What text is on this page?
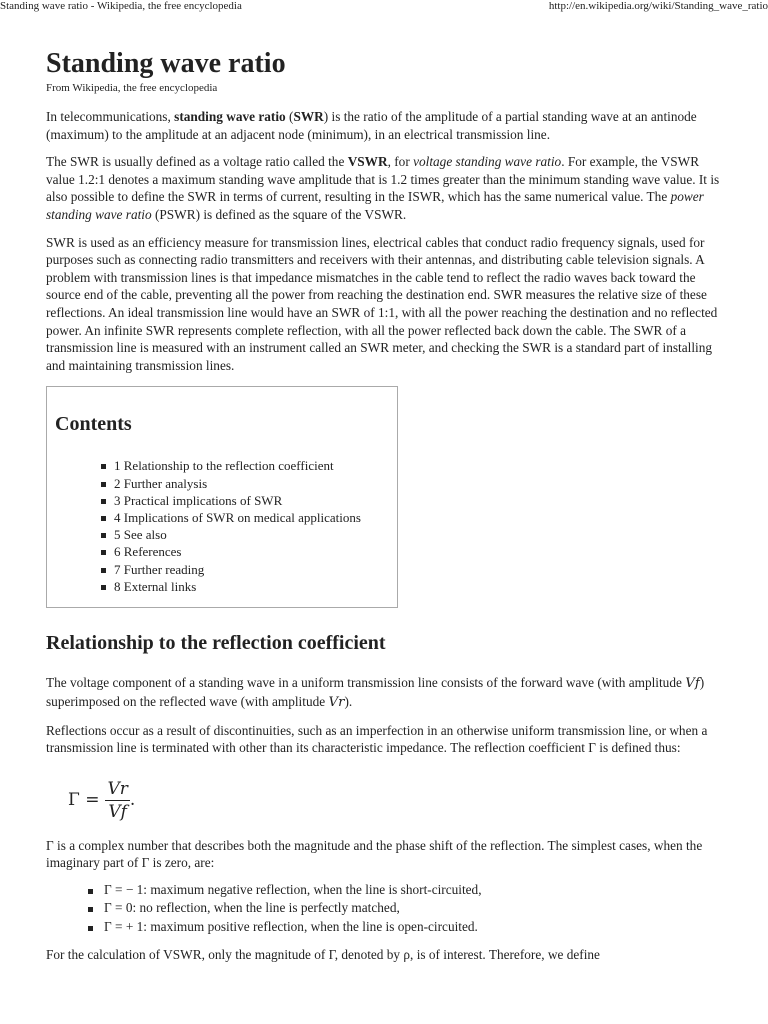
Standing wave ratio - Wikipedia, the free encyclopedia	http://en.wikipedia.org/wiki/Standing_wave_ratio
Standing wave ratio
From Wikipedia, the free encyclopedia

In telecommunications, standing wave ratio (SWR) is the ratio of the amplitude of a partial standing wave at an antinode (maximum) to the amplitude at an adjacent node (minimum), in an electrical transmission line.

The SWR is usually defined as a voltage ratio called the VSWR, for voltage standing wave ratio. For example, the VSWR value 1.2:1 denotes a maximum standing wave amplitude that is 1.2 times greater than the minimum standing wave value. It is also possible to define the SWR in terms of current, resulting in the ISWR, which has the same numerical value. The power standing wave ratio (PSWR) is defined as the square of the VSWR.

SWR is used as an efficiency measure for transmission lines, electrical cables that conduct radio frequency signals, used for purposes such as connecting radio transmitters and receivers with their antennas, and distributing cable television signals. A problem with transmission lines is that impedance mismatches in the cable tend to reflect the radio waves back toward the source end of the cable, preventing all the power from reaching the destination end. SWR measures the relative size of these reflections. An ideal transmission line would have an SWR of 1:1, with all the power reaching the destination and no reflected power. An infinite SWR represents complete reflection, with all the power reflected back down the cable. The SWR of a transmission line is measured with an instrument called an SWR meter, and checking the SWR is a standard part of installing and maintaining transmission lines.

Contents
1 Relationship to the reflection coefficient
2 Further analysis
3 Practical implications of SWR
4 Implications of SWR on medical applications
5 See also
6 References
7 Further reading
8 External links
Relationship to the reflection coefficient

The voltage component of a standing wave in a uniform transmission line consists of the forward wave (with amplitude Vf) superimposed on the reflected wave (with amplitude Vr).

Reflections occur as a result of discontinuities, such as an imperfection in an otherwise uniform transmission line, or when a transmission line is terminated with other than its characteristic impedance. The reflection coefficient Γ is defined thus:

$\Gamma = \frac{Vr}{Vf}$ .

Γ is a complex number that describes both the magnitude and the phase shift of the reflection. The simplest cases, when the imaginary part of Γ is zero, are:

Γ = − 1: maximum negative reflection, when the line is short-circuited,
Γ = 0: no reflection, when the line is perfectly matched,
Γ = + 1: maximum positive reflection, when the line is open-circuited.

For the calculation of VSWR, only the magnitude of Γ, denoted by ρ, is of interest. Therefore, we define
